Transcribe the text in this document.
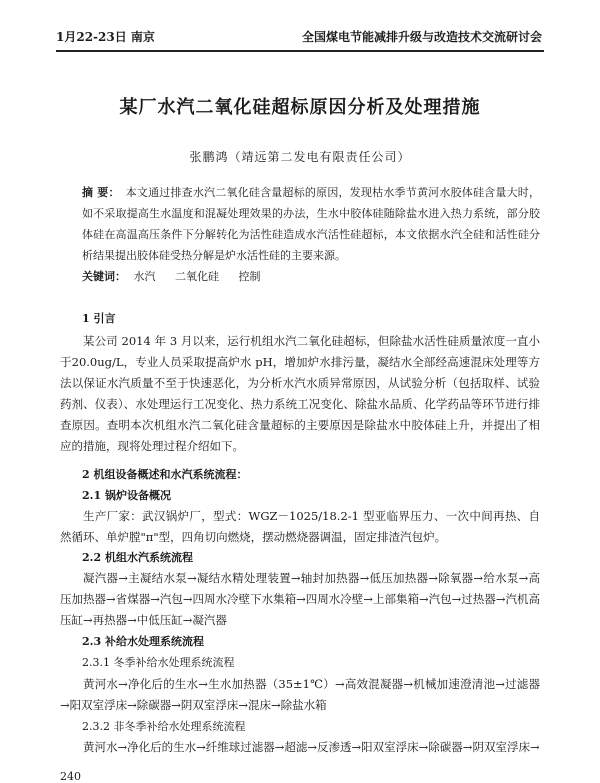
1月22-23日 南京	全国煤电节能减排升级与改造技术交流研讨会
某厂水汽二氧化硅超标原因分析及处理措施
张鹏鸿（靖远第二发电有限责任公司）
摘 要： 本文通过排查水汽二氧化硅含量超标的原因，发现枯水季节黄河水胶体硅含量大时，如不采取提高生水温度和混凝处理效果的办法，生水中胶体硅随除盐水进入热力系统，部分胶体硅在高温高压条件下分解转化为活性硅造成水汽活性硅超标，本文依据水汽全硅和活性硅分析结果提出胶体硅受热分解是炉水活性硅的主要来源。
关键词： 水汽 二氧化硅 控制
1 引言
某公司 2014 年 3 月以来，运行机组水汽二氧化硅超标，但除盐水活性硅质量浓度一直小于20.0ug/L，专业人员采取提高炉水 pH，增加炉水排污量，凝结水全部经高速混床处理等方法以保证水汽质量不至于快速恶化，为分析水汽水质异常原因，从试验分析（包括取样、试验药剂、仪表）、水处理运行工况变化、热力系统工况变化、除盐水品质、化学药品等环节进行排查原因。查明本次机组水汽二氧化硅含量超标的主要原因是除盐水中胶体硅上升，并提出了相应的措施，现将处理过程介绍如下。
2 机组设备概述和水汽系统流程：
2.1 锅炉设备概况
生产厂家：武汉锅炉厂，型式：WGZ－1025/18.2-1 型亚临界压力、一次中间再热、自然循环、单炉膛"π"型，四角切向燃烧，摆动燃烧器调温，固定排渣汽包炉。
2.2 机组水汽系统流程
凝汽器→主凝结水泵→凝结水精处理装置→轴封加热器→低压加热器→除氧器→给水泵→高压加热器→省煤器→汽包→四周水冷壁下水集箱→四周水冷壁→上部集箱→汽包→过热器→汽机高压缸→再热器→中低压缸→凝汽器
2.3 补给水处理系统流程
2.3.1 冬季补给水处理系统流程
黄河水→净化后的生水→生水加热器（35±1℃）→高效混凝器→机械加速澄清池→过滤器→阳双室浮床→除碳器→阴双室浮床→混床→除盐水箱
2.3.2 非冬季补给水处理系统流程
黄河水→净化后的生水→纤维球过滤器→超滤→反渗透→阳双室浮床→除碳器→阴双室浮床→
240
